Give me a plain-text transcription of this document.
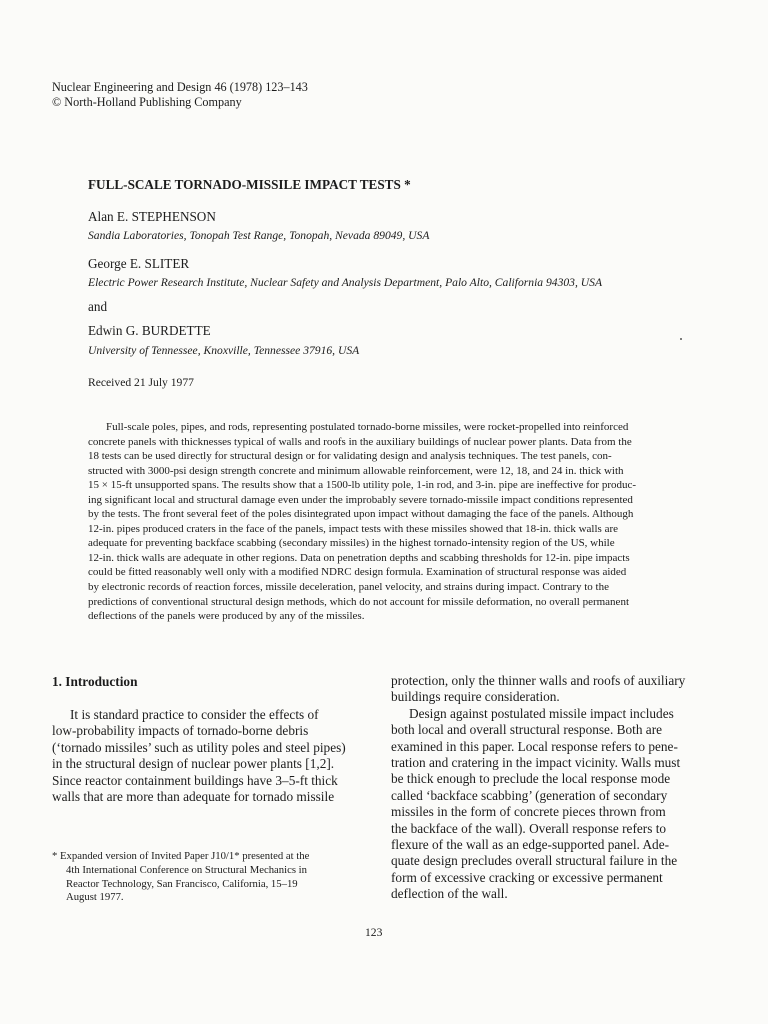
Nuclear Engineering and Design 46 (1978) 123–143
© North-Holland Publishing Company
FULL-SCALE TORNADO-MISSILE IMPACT TESTS *
Alan E. STEPHENSON
Sandia Laboratories, Tonopah Test Range, Tonopah, Nevada 89049, USA
George E. SLITER
Electric Power Research Institute, Nuclear Safety and Analysis Department, Palo Alto, California 94303, USA
and
Edwin G. BURDETTE
University of Tennessee, Knoxville, Tennessee 37916, USA
Received 21 July 1977
Full-scale poles, pipes, and rods, representing postulated tornado-borne missiles, were rocket-propelled into reinforced
concrete panels with thicknesses typical of walls and roofs in the auxiliary buildings of nuclear power plants. Data from the
18 tests can be used directly for structural design or for validating design and analysis techniques. The test panels, con-
structed with 3000-psi design strength concrete and minimum allowable reinforcement, were 12, 18, and 24 in. thick with
15 × 15-ft unsupported spans. The results show that a 1500-lb utility pole, 1-in rod, and 3-in. pipe are ineffective for produc-
ing significant local and structural damage even under the improbably severe tornado-missile impact conditions represented
by the tests. The front several feet of the poles disintegrated upon impact without damaging the face of the panels. Although
12-in. pipes produced craters in the face of the panels, impact tests with these missiles showed that 18-in. thick walls are
adequate for preventing backface scabbing (secondary missiles) in the highest tornado-intensity region of the US, while
12-in. thick walls are adequate in other regions. Data on penetration depths and scabbing thresholds for 12-in. pipe impacts
could be fitted reasonably well only with a modified NDRC design formula. Examination of structural response was aided
by electronic records of reaction forces, missile deceleration, panel velocity, and strains during impact. Contrary to the
predictions of conventional structural design methods, which do not account for missile deformation, no overall permanent
deflections of the panels were produced by any of the missiles.
1. Introduction
It is standard practice to consider the effects of
low-probability impacts of tornado-borne debris
(‘tornado missiles’ such as utility poles and steel pipes)
in the structural design of nuclear power plants [1,2].
Since reactor containment buildings have 3–5-ft thick
walls that are more than adequate for tornado missile
* Expanded version of Invited Paper J10/1* presented at the
4th International Conference on Structural Mechanics in
Reactor Technology, San Francisco, California, 15–19
August 1977.
protection, only the thinner walls and roofs of auxiliary
buildings require consideration.
Design against postulated missile impact includes
both local and overall structural response. Both are
examined in this paper. Local response refers to pene-
tration and cratering in the impact vicinity. Walls must
be thick enough to preclude the local response mode
called ‘backface scabbing’ (generation of secondary
missiles in the form of concrete pieces thrown from
the backface of the wall). Overall response refers to
flexure of the wall as an edge-supported panel. Ade-
quate design precludes overall structural failure in the
form of excessive cracking or excessive permanent
deflection of the wall.
123
